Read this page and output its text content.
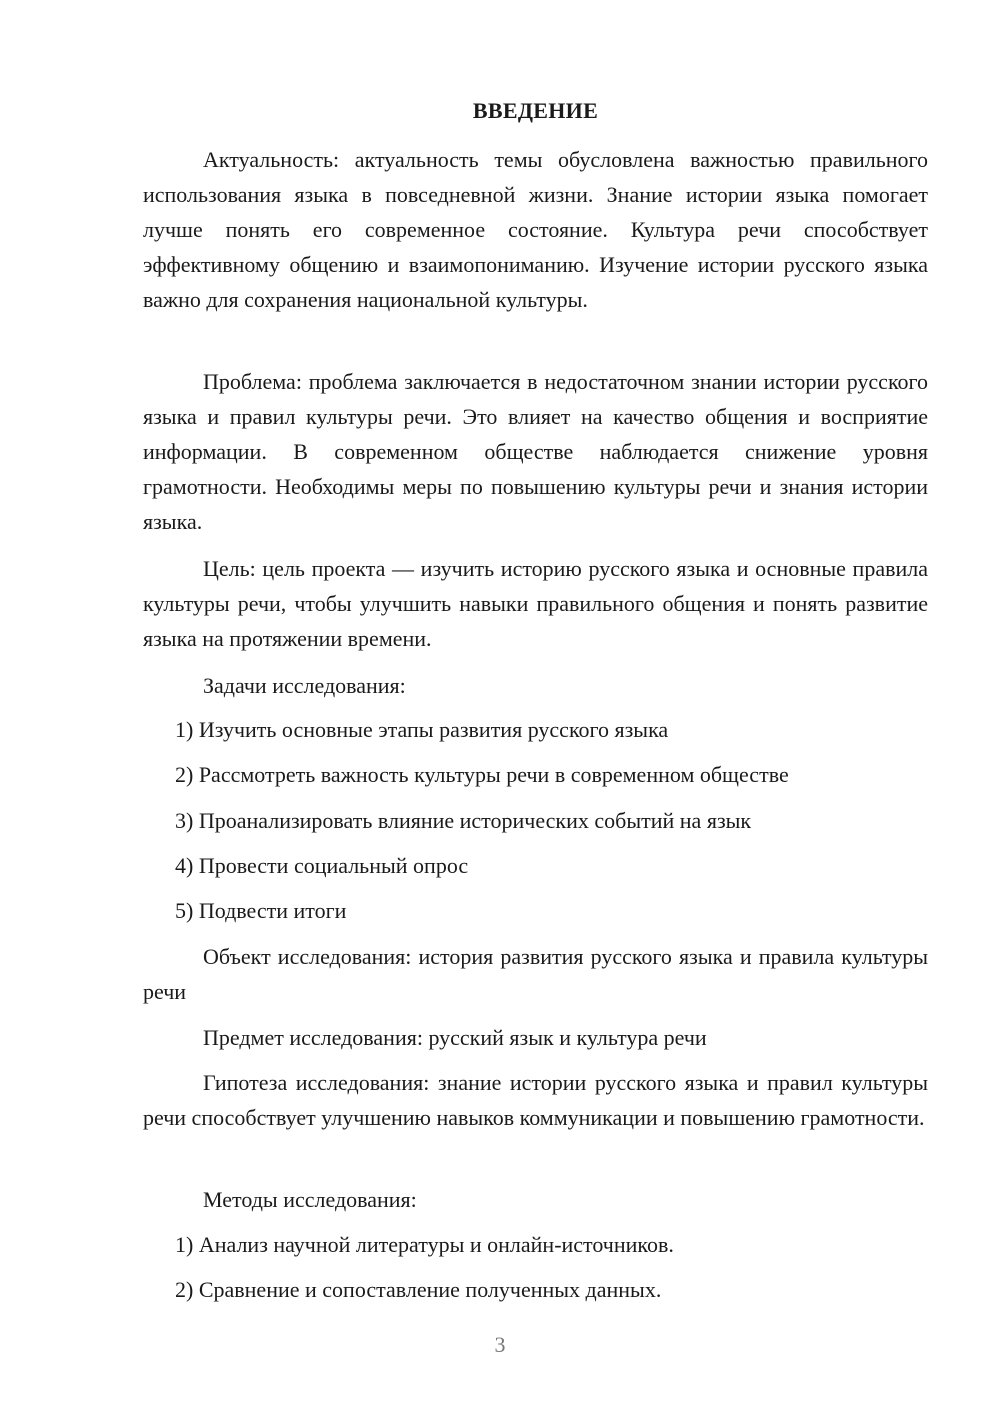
ВВЕДЕНИЕ

Актуальность: актуальность темы обусловлена важностью правильного использования языка в повседневной жизни. Знание истории языка помогает лучше понять его современное состояние. Культура речи способствует эффективному общению и взаимопониманию. Изучение истории русского языка важно для сохранения национальной культуры.

Проблема: проблема заключается в недостаточном знании истории русского языка и правил культуры речи. Это влияет на качество общения и восприятие информации. В современном обществе наблюдается снижение уровня грамотности. Необходимы меры по повышению культуры речи и знания истории языка.

Цель: цель проекта — изучить историю русского языка и основные правила культуры речи, чтобы улучшить навыки правильного общения и понять развитие языка на протяжении времени.

Задачи исследования:

1) Изучить основные этапы развития русского языка

2) Рассмотреть важность культуры речи в современном обществе

3) Проанализировать влияние исторических событий на язык

4) Провести социальный опрос

5) Подвести итоги

Объект исследования: история развития русского языка и правила культуры речи

Предмет исследования: русский язык и культура речи

Гипотеза исследования: знание истории русского языка и правил культуры речи способствует улучшению навыков коммуникации и повышению грамотности.

Методы исследования:

1) Анализ научной литературы и онлайн-источников.

2) Сравнение и сопоставление полученных данных.

3
